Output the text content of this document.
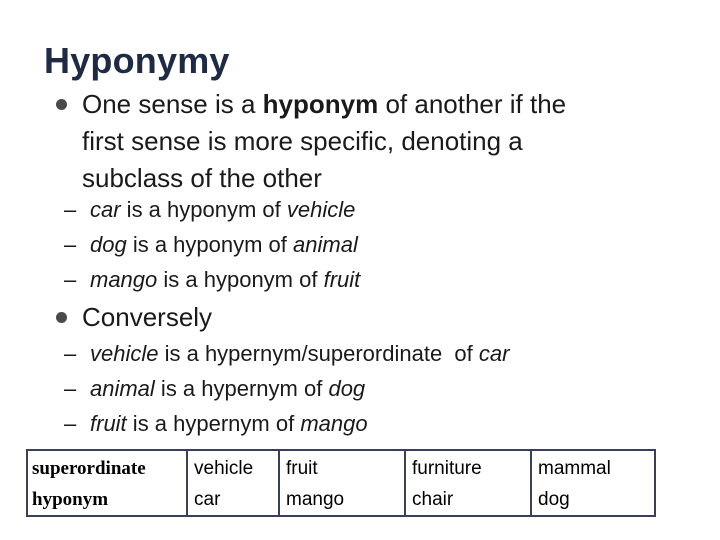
Hyponymy
One sense is a hyponym of another if the
first sense is more specific, denoting a
subclass of the other
– car is a hyponym of vehicle
– dog is a hyponym of animal
– mango is a hyponym of fruit
Conversely
– vehicle is a hypernym/superordinate  of car
– animal is a hypernym of dog
– fruit is a hypernym of mango
superordinate	vehicle	fruit	furniture	mammal
hyponym	car	mango	chair	dog
